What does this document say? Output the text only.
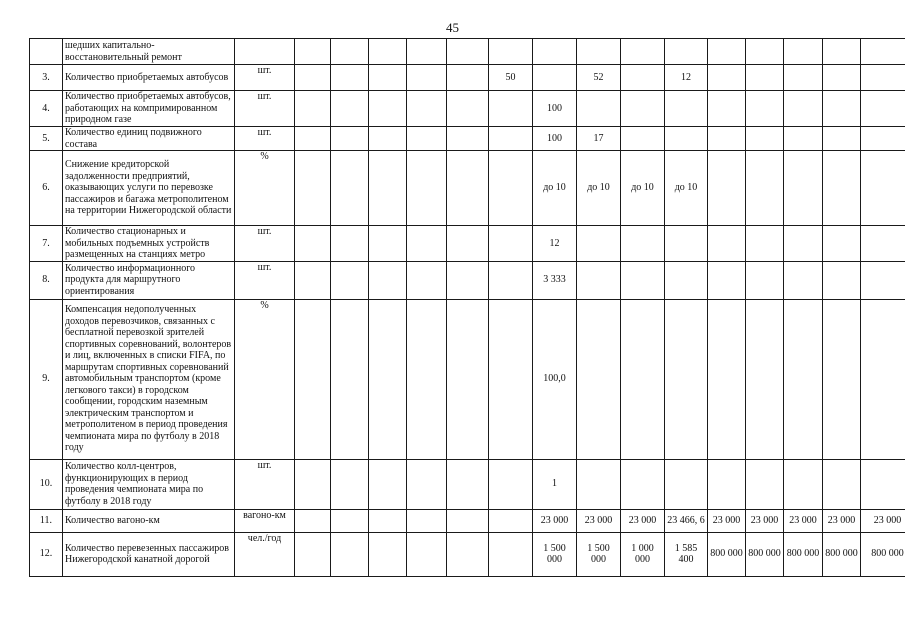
45
	шедших капитально-восстановительный ремонт																
3.	Количество приобретаемых автобусов	шт.						50		52		12					
4.	Количество приобретаемых автобусов, работающих на компримированном природном газе	шт.							100								
5.	Количество единиц подвижного состава	шт.							100	17							
6.	Снижение кредиторской задолженности предприятий, оказывающих услуги по перевозке пассажиров и багажа метрополитеном на территории Нижегородской области	%							до 10	до 10	до 10	до 10					
7.	Количество стационарных и мобильных подъемных устройств размещенных на станциях метро	шт.							12								
8.	Количество информационного продукта для маршрутного ориентирования	шт.							3 333								
9.	Компенсация недополученных доходов перевозчиков, связанных с бесплатной перевозкой зрителей спортивных соревнований, волонтеров и лиц, включенных в списки FIFA, по маршрутам спортивных соревнований автомобильным транспортом (кроме легкового такси) в городском сообщении, городским наземным электрическим транспортом и метрополитеном в период проведения чемпионата мира по футболу в 2018 году	%							100,0								
10.	Количество колл-центров, функционирующих в период проведения чемпионата мира по футболу в 2018 году	шт.							1								
11.	Количество вагоно-км	вагоно-км							23 000	23 000	23 000	23 466, 6	23 000	23 000	23 000	23 000	23 000
12.	Количество перевезенных пассажиров Нижегородской канатной дорогой	чел./год							1 500 000	1 500 000	1 000 000	1 585 400	800 000	800 000	800 000	800 000	800 000
